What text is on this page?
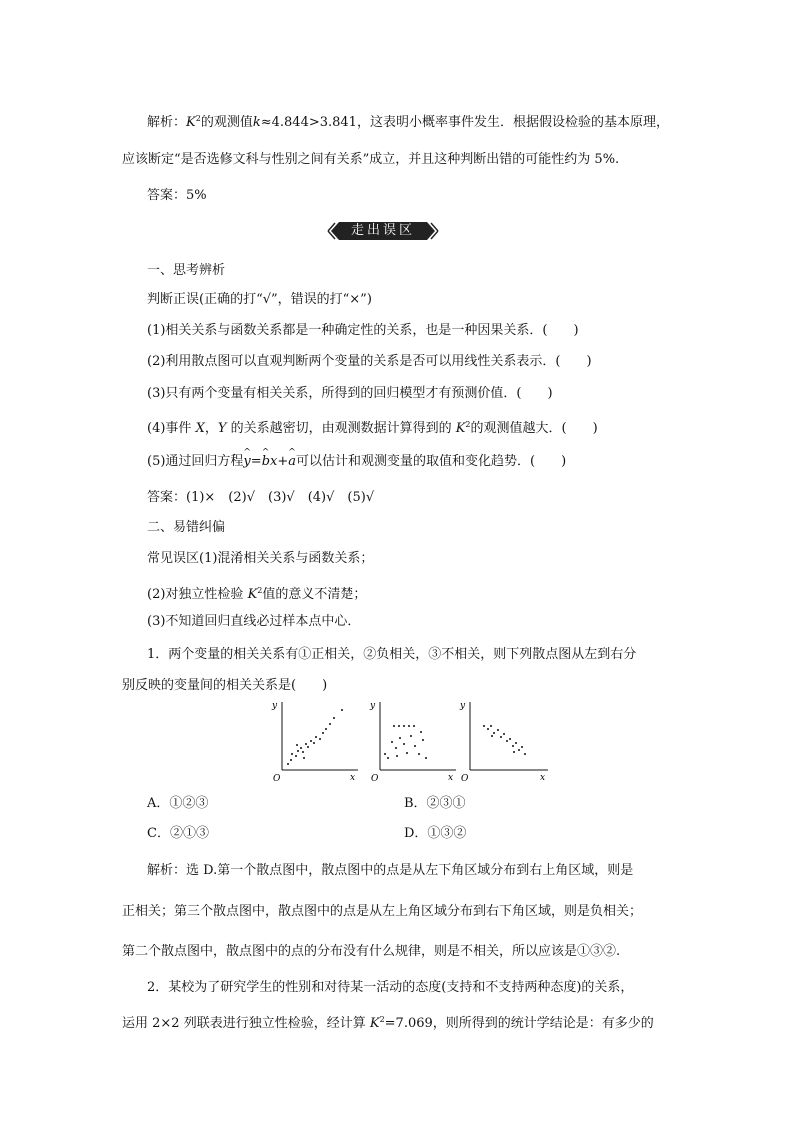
解析：$K^2$的观测值k≈4.844>3.841，这表明小概率事件发生．根据假设检验的基本原理，
应该断定“是否选修文科与性别之间有关系”成立，并且这种判断出错的可能性约为 5%.
答案：5%
走出误区
一、思考辨析
判断正误(正确的打“√”，错误的打“×”)
(1)相关关系与函数关系都是一种确定性的关系，也是一种因果关系．(　　)
(2)利用散点图可以直观判断两个变量的关系是否可以用线性关系表示．(　　)
(3)只有两个变量有相关关系，所得到的回归模型才有预测价值．(　　)
(4)事件 X，Y 的关系越密切，由观测数据计算得到的 $K^2$的观测值越大．(　　)
(5)通过回归方程^ y=^ bx+^ a可以估计和观测变量的取值和变化趋势．(　　)
答案：(1)×　(2)√　(3)√　(4)√　(5)√
二、易错纠偏
常见误区(1)混淆相关关系与函数关系；
(2)对独立性检验 $K^2$值的意义不清楚；
(3)不知道回归直线必过样本点中心．
1．两个变量的相关关系有①正相关，②负相关，③不相关，则下列散点图从左到右分
别反映的变量间的相关关系是(　　)
y
x
O
y
x
O
y
x
O
A．①②③	B．②③①
C．②①③	D．①③②
解析：选 D.第一个散点图中，散点图中的点是从左下角区域分布到右上角区域，则是
正相关；第三个散点图中，散点图中的点是从左上角区域分布到右下角区域，则是负相关；
第二个散点图中，散点图中的点的分布没有什么规律，则是不相关，所以应该是①③②.
2．某校为了研究学生的性别和对待某一活动的态度(支持和不支持两种态度)的关系，
运用 2×2 列联表进行独立性检验，经计算 $K^2=7.069$，则所得到的统计学结论是：有多少的
